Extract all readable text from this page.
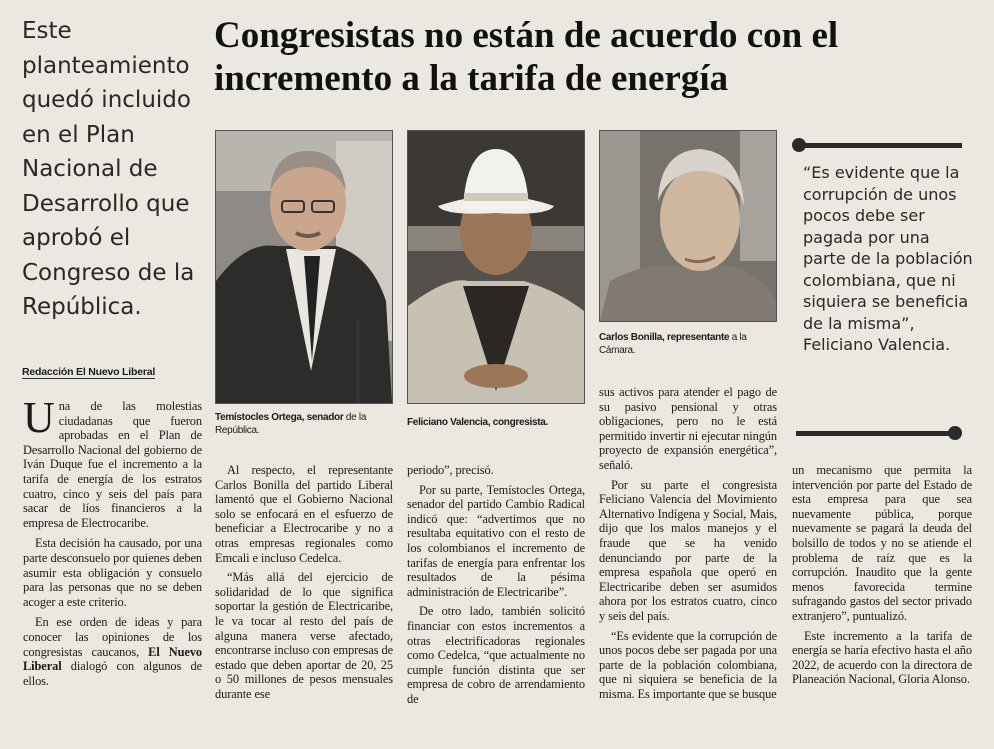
Este planteamiento quedó incluido en el Plan Nacional de Desarrollo que aprobó el Congreso de la República.
Redacción El Nuevo Liberal
Congresistas no están de acuerdo con el incremento a la tarifa de energía
Temístocles Ortega, senador de la República.
Feliciano Valencia, congresista.
Carlos Bonilla, representante a la Cámara.
“Es evidente que la corrupción de unos pocos debe ser pagada por una parte de la población colombiana, que ni siquiera se beneficia de la misma”, Feliciano Valencia.

Una de las molestias ciudadanas que fueron aprobadas en el Plan de Desarrollo Nacional del gobierno de Iván Duque fue el incremento a la tarifa de energía de los estratos cuatro, cinco y seis del país para sacar de líos financieros a la empresa de Electrocaribe.

Esta decisión ha causado, por una parte desconsuelo por quienes deben asumir esta obligación y consuelo para las personas que no se deben acoger a este criterio.

En ese orden de ideas y para conocer las opiniones de los congresistas caucanos, El Nuevo Liberal dialogó con algunos de ellos.

Al respecto, el representante Carlos Bonilla del partido Liberal lamentó que el Gobierno Nacional solo se enfocará en el esfuerzo de beneficiar a Electrocaribe y no a otras empresas regionales como Emcali e incluso Cedelca.

“Más allá del ejercicio de solidaridad de lo que significa soportar la gestión de Electricaribe, le va tocar al resto del país de alguna manera verse afectado, encontrarse incluso con empresas de estado que deben aportar de 20, 25 o 50 millones de pesos mensuales durante ese

periodo”, precisó.

Por su parte, Temístocles Ortega, senador del partido Cambio Radical indicó que: “advertimos que no resultaba equitativo con el resto de los colombianos el incremento de tarifas de energía para enfrentar los resultados de la pésima administración de Electricaribe”.

De otro lado, también solicitó financiar con estos incrementos a otras electrificadoras regionales como Cedelca, “que actualmente no cumple función distinta que ser empresa de cobro de arrendamiento de

sus activos para atender el pago de su pasivo pensional y otras obligaciones, pero no le está permitido invertir ni ejecutar ningún proyecto de expansión energética”, señaló.

Por su parte el congresista Feliciano Valencia del Movimiento Alternativo Indígena y Social, Mais, dijo que los malos manejos y el fraude que se ha venido denunciando por parte de la empresa española que operó en Electricaribe deben ser asumidos ahora por los estratos cuatro, cinco y seis del país.

“Es evidente que la corrupción de unos pocos debe ser pagada por una parte de la población colombiana, que ni siquiera se beneficia de la misma. Es importante que se busque

un mecanismo que permita la intervención por parte del Estado de esta empresa para que sea nuevamente pública, porque nuevamente se pagará la deuda del bolsillo de todos y no se atiende el problema de raíz que es la corrupción. Inaudito que la gente menos favorecida termine sufragando gastos del sector privado extranjero”, puntualizó.

Este incremento a la tarifa de energía se haría efectivo hasta el año 2022, de acuerdo con la directora de Planeación Nacional, Gloria Alonso.
